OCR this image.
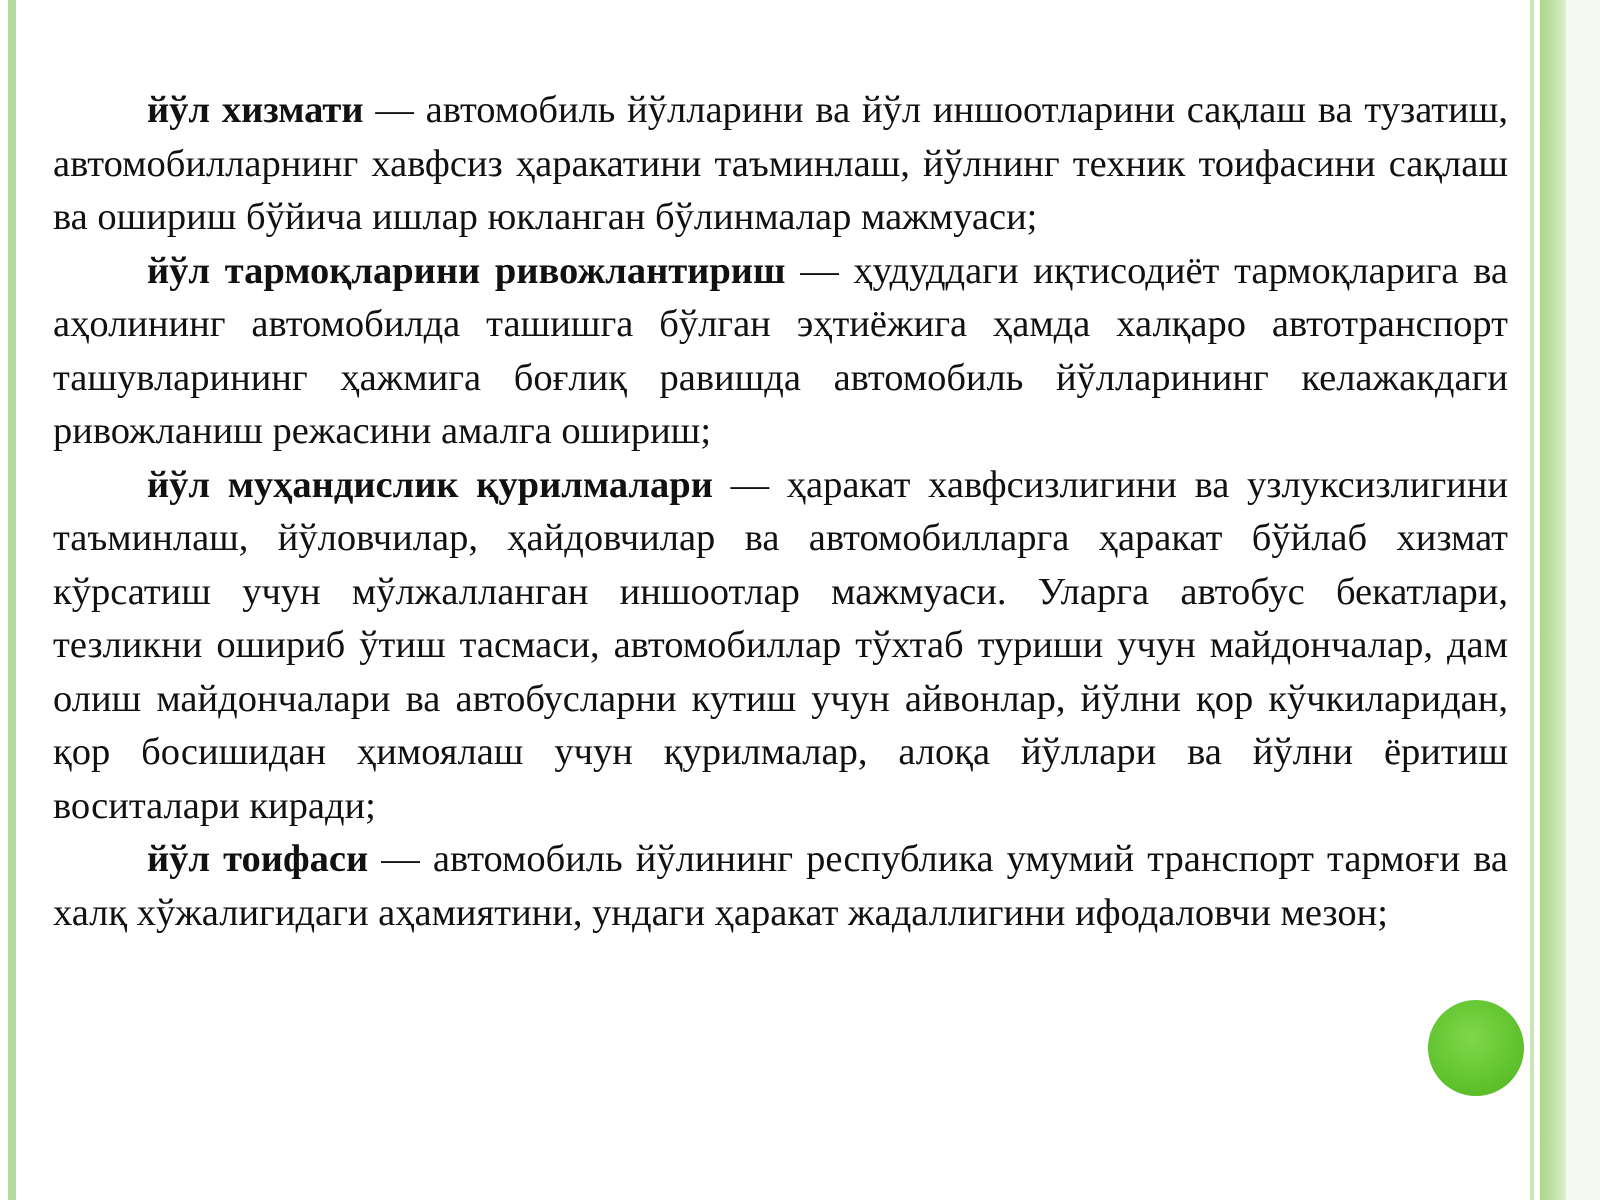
йўл хизмати — автомобиль йўлларини ва йўл иншоотларини сақлаш ва тузатиш, автомобилларнинг хавфсиз ҳаракатини таъминлаш, йўлнинг техник тоифасини сақлаш ва ошириш бўйича ишлар юкланган бўлинмалар мажмуаси;

йўл тармоқларини ривожлантириш — ҳудуддаги иқтисодиёт тармоқларига ва аҳолининг автомобилда ташишга бўлган эҳтиёжига ҳамда халқаро автотранспорт ташувларининг ҳажмига боғлиқ равишда автомобиль йўлларининг келажакдаги ривожланиш режасини амалга ошириш;

йўл муҳандислик қурилмалари — ҳаракат хавфсизлигини ва узлуксизлигини таъминлаш, йўловчилар, ҳайдовчилар ва автомобилларга ҳаракат бўйлаб хизмат кўрсатиш учун мўлжалланган иншоотлар мажмуаси. Уларга автобус бекатлари, тезликни ошириб ўтиш тасмаси, автомобиллар тўхтаб туриши учун майдончалар, дам олиш майдончалари ва автобусларни кутиш учун айвонлар, йўлни қор кўчкиларидан, қор босишидан ҳимоялаш учун қурилмалар, алоқа йўллари ва йўлни ёритиш воситалари киради;

йўл тоифаси — автомобиль йўлининг республика умумий транспорт тармоғи ва халқ хўжалигидаги аҳамиятини, ундаги ҳаракат жадаллигини ифодаловчи мезон;
